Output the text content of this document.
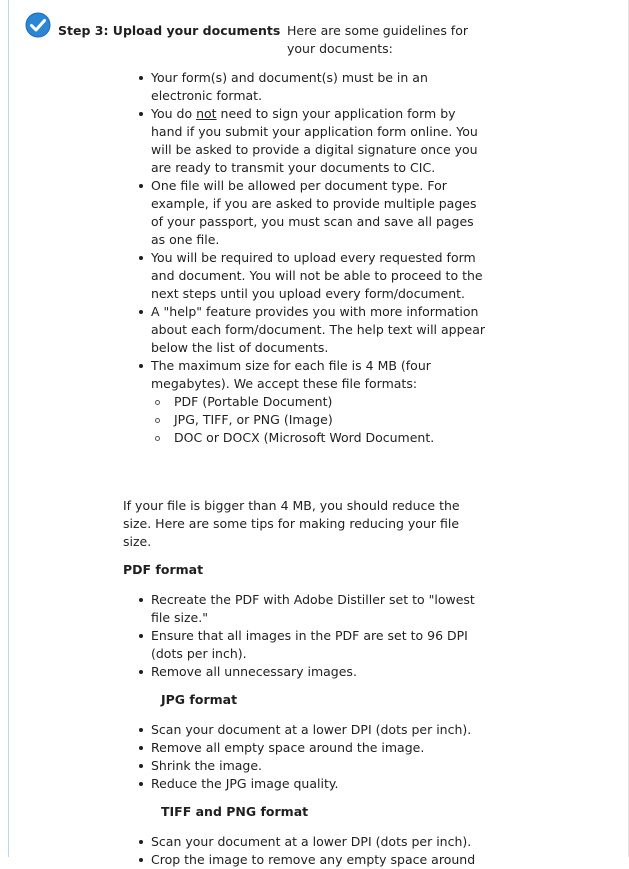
Step 3: Upload your documents Here are some guidelines for your documents:
Your form(s) and document(s) must be in an electronic format.
You do not need to sign your application form by hand if you submit your application form online. You will be asked to provide a digital signature once you are ready to transmit your documents to CIC.
One file will be allowed per document type. For example, if you are asked to provide multiple pages of your passport, you must scan and save all pages as one file.
You will be required to upload every requested form and document. You will not be able to proceed to the next steps until you upload every form/document.
A "help" feature provides you with more information about each form/document. The help text will appear below the list of documents.
The maximum size for each file is 4 MB (four megabytes). We accept these file formats:
PDF (Portable Document)
JPG, TIFF, or PNG (Image)
DOC or DOCX (Microsoft Word Document.
If your file is bigger than 4 MB, you should reduce the size. Here are some tips for making reducing your file size.
PDF format
Recreate the PDF with Adobe Distiller set to "lowest file size."
Ensure that all images in the PDF are set to 96 DPI (dots per inch).
Remove all unnecessary images.
JPG format
Scan your document at a lower DPI (dots per inch).
Remove all empty space around the image.
Shrink the image.
Reduce the JPG image quality.
TIFF and PNG format
Scan your document at a lower DPI (dots per inch).
Crop the image to remove any empty space around
